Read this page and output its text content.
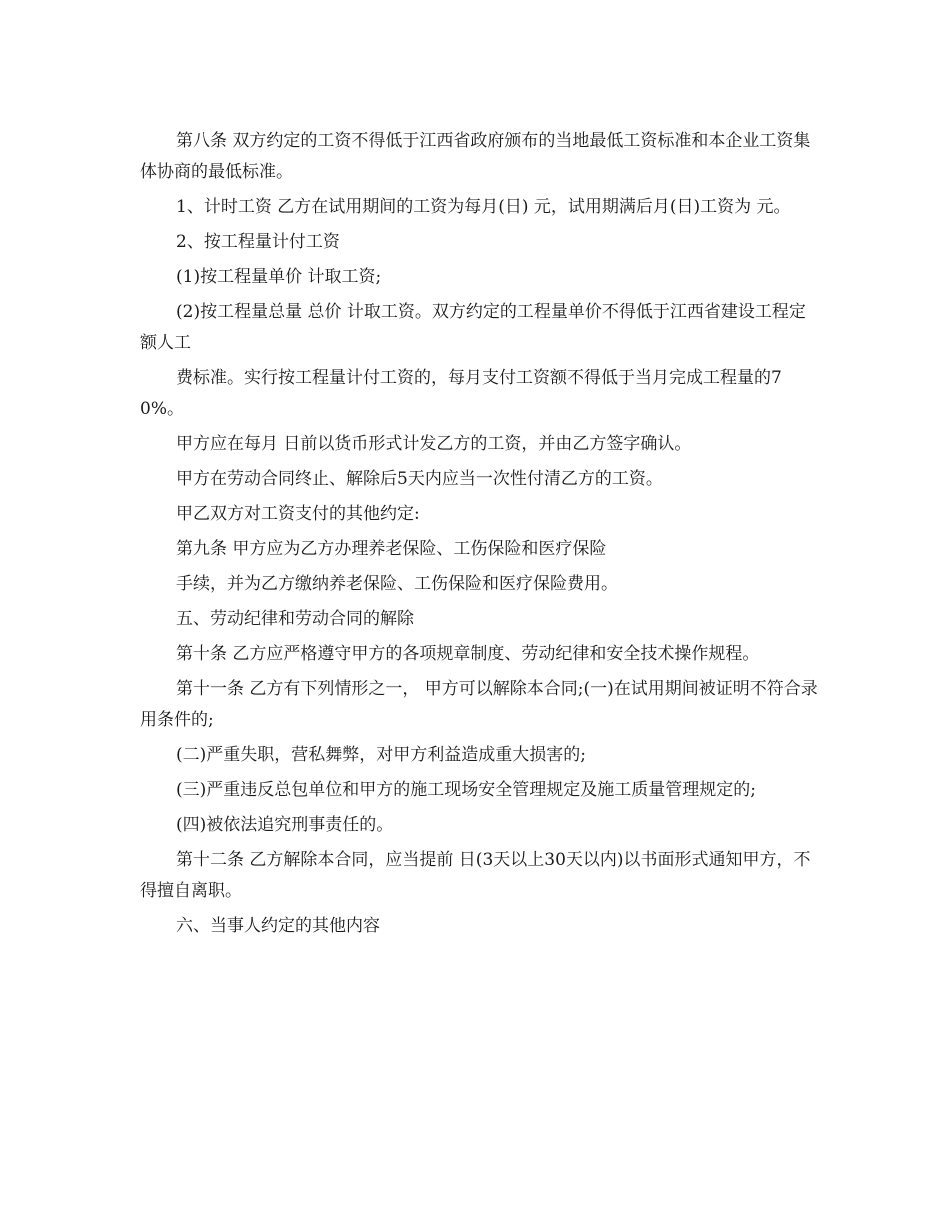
第八条 双方约定的工资不得低于江西省政府颁布的当地最低工资标准和本企业工资集体协商的最低标准。

1、计时工资 乙方在试用期间的工资为每月(日) 元，试用期满后月(日)工资为 元。

2、按工程量计付工资

(1)按工程量单价 计取工资;

(2)按工程量总量 总价 计取工资。双方约定的工程量单价不得低于江西省建设工程定额人工

费标准。实行按工程量计付工资的，每月支付工资额不得低于当月完成工程量的70%。

甲方应在每月 日前以货币形式计发乙方的工资，并由乙方签字确认。

甲方在劳动合同终止、解除后5天内应当一次性付清乙方的工资。

甲乙双方对工资支付的其他约定:

第九条 甲方应为乙方办理养老保险、工伤保险和医疗保险

手续，并为乙方缴纳养老保险、工伤保险和医疗保险费用。

五、劳动纪律和劳动合同的解除

第十条 乙方应严格遵守甲方的各项规章制度、劳动纪律和安全技术操作规程。

第十一条 乙方有下列情形之一， 甲方可以解除本合同;(一)在试用期间被证明不符合录用条件的;

(二)严重失职，营私舞弊，对甲方利益造成重大损害的;

(三)严重违反总包单位和甲方的施工现场安全管理规定及施工质量管理规定的;

(四)被依法追究刑事责任的。

第十二条 乙方解除本合同，应当提前 日(3天以上30天以内)以书面形式通知甲方，不得擅自离职。

六、当事人约定的其他内容
